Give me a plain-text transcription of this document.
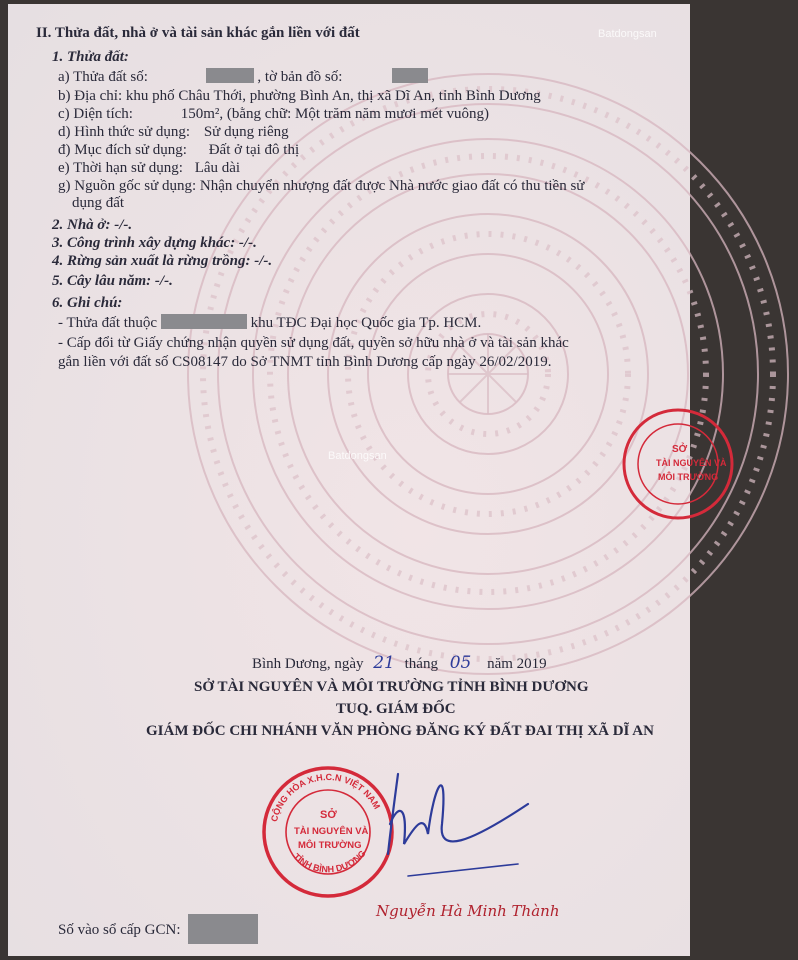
Batdongsan
Batdongsan
II. Thửa đất, nhà ở và tài sản khác gắn liền với đất
1. Thửa đất:
a) Thửa đất số:	, tờ bản đồ số:
b) Địa chỉ: khu phố Châu Thới, phường Bình An, thị xã Dĩ An, tỉnh Bình Dương
c) Diện tích:	150m², (bằng chữ: Một trăm năm mươi mét vuông)
d) Hình thức sử dụng: Sử dụng riêng
đ) Mục đích sử dụng: Đất ở tại đô thị
e) Thời hạn sử dụng: Lâu dài
g) Nguồn gốc sử dụng: Nhận chuyển nhượng đất được Nhà nước giao đất có thu tiền sử
dụng đất
2. Nhà ở: -/-.
3. Công trình xây dựng khác: -/-.
4. Rừng sản xuất là rừng trồng: -/-.
5. Cây lâu năm: -/-.
6. Ghi chú:
- Thửa đất thuộc	khu TĐC Đại học Quốc gia Tp. HCM.
- Cấp đổi từ Giấy chứng nhận quyền sử dụng đất, quyền sở hữu nhà ở và tài sản khác
gắn liền với đất số CS08147 do Sở TNMT tỉnh Bình Dương cấp ngày 26/02/2019.
SỞ
TÀI NGUYÊN VÀ
MÔI TRƯỜNG
Bình Dương, ngày 21 tháng 05 năm 2019
SỞ TÀI NGUYÊN VÀ MÔI TRƯỜNG TỈNH BÌNH DƯƠNG
TUQ. GIÁM ĐỐC
GIÁM ĐỐC CHI NHÁNH VĂN PHÒNG ĐĂNG KÝ ĐẤT ĐAI THỊ XÃ DĨ AN
CỘNG HÒA X.H.C.N VIỆT NAM
TỈNH BÌNH DƯƠNG
SỞ
TÀI NGUYÊN VÀ
MÔI TRƯỜNG
Nguyễn Hà Minh Thành
Số vào sổ cấp GCN:
